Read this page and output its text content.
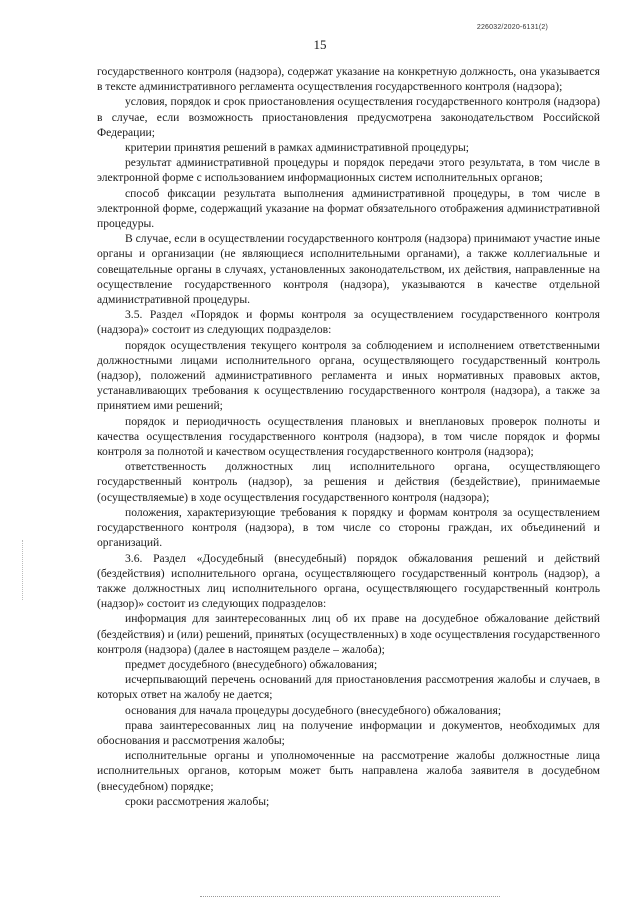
226032/2020-6131(2)
15

государственного контроля (надзора), содержат указание на конкретную должность, она указывается в тексте административного регламента осуществления государственного контроля (надзора);

условия, порядок и срок приостановления осуществления государственного контроля (надзора) в случае, если возможность приостановления предусмотрена законодательством Российской Федерации;

критерии принятия решений в рамках административной процедуры;

результат административной процедуры и порядок передачи этого результата, в том числе в электронной форме с использованием информационных систем исполнительных органов;

способ фиксации результата выполнения административной процедуры, в том числе в электронной форме, содержащий указание на формат обязательного отображения административной процедуры.

В случае, если в осуществлении государственного контроля (надзора) принимают участие иные органы и организации (не являющиеся исполнительными органами), а также коллегиальные и совещательные органы в случаях, установленных законодательством, их действия, направленные на осуществление государственного контроля (надзора), указываются в качестве отдельной административной процедуры.

3.5. Раздел «Порядок и формы контроля за осуществлением государственного контроля (надзора)» состоит из следующих подразделов:

порядок осуществления текущего контроля за соблюдением и исполнением ответственными должностными лицами исполнительного органа, осуществляющего государственный контроль (надзор), положений административного регламента и иных нормативных правовых актов, устанавливающих требования к осуществлению государственного контроля (надзора), а также за принятием ими решений;

порядок и периодичность осуществления плановых и внеплановых проверок полноты и качества осуществления государственного контроля (надзора), в том числе порядок и формы контроля за полнотой и качеством осуществления государственного контроля (надзора);

ответственность должностных лиц исполнительного органа, осуществляющего государственный контроль (надзор), за решения и действия (бездействие), принимаемые (осуществляемые) в ходе осуществления государственного контроля (надзора);

положения, характеризующие требования к порядку и формам контроля за осуществлением государственного контроля (надзора), в том числе со стороны граждан, их объединений и организаций.

3.6. Раздел «Досудебный (внесудебный) порядок обжалования решений и действий (бездействия) исполнительного органа, осуществляющего государственный контроль (надзор), а также должностных лиц исполнительного органа, осуществляющего государственный контроль (надзор)» состоит из следующих подразделов:

информация для заинтересованных лиц об их праве на досудебное обжалование действий (бездействия) и (или) решений, принятых (осуществленных) в ходе осуществления государственного контроля (надзора) (далее в настоящем разделе – жалоба);

предмет досудебного (внесудебного) обжалования;

исчерпывающий перечень оснований для приостановления рассмотрения жалобы и случаев, в которых ответ на жалобу не дается;

основания для начала процедуры досудебного (внесудебного) обжалования;

права заинтересованных лиц на получение информации и документов, необходимых для обоснования и рассмотрения жалобы;

исполнительные органы и уполномоченные на рассмотрение жалобы должностные лица исполнительных органов, которым может быть направлена жалоба заявителя в досудебном (внесудебном) порядке;

сроки рассмотрения жалобы;
